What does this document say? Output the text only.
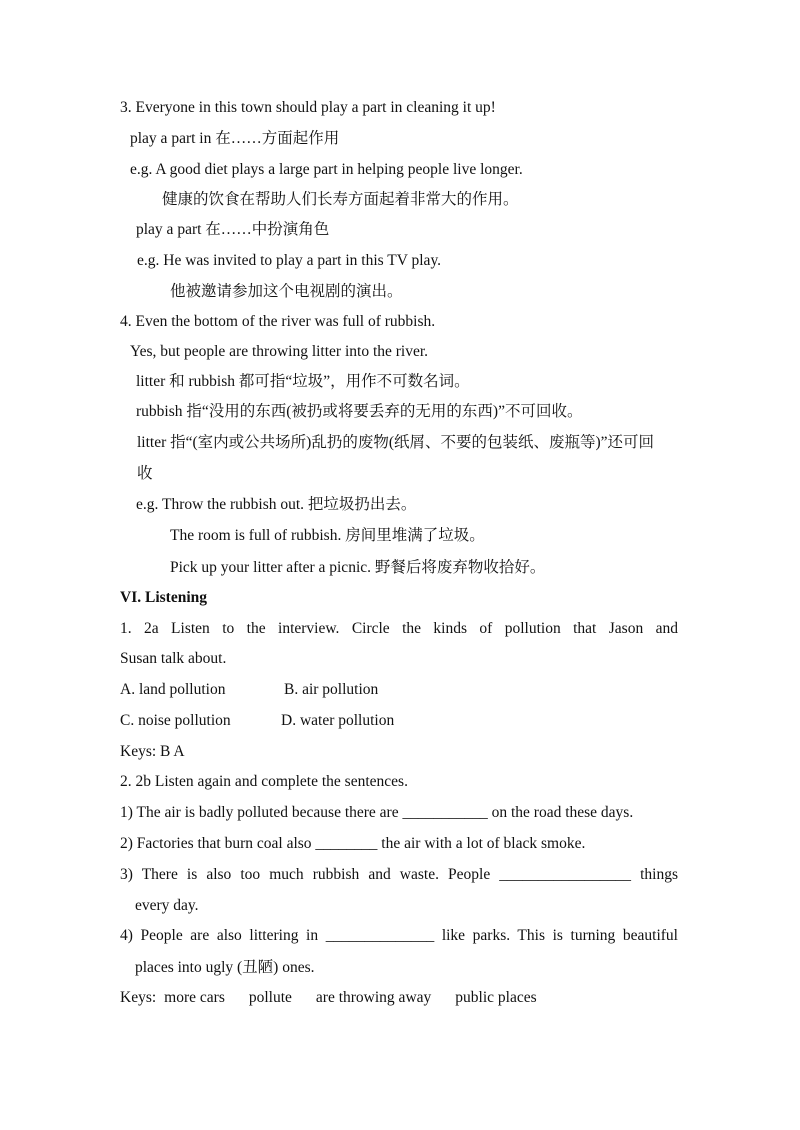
3. Everyone in this town should play a part in cleaning it up!
play a part in 在……方面起作用
e.g. A good diet plays a large part in helping people live longer.
健康的饮食在帮助人们长寿方面起着非常大的作用。
play a part 在……中扮演角色
e.g. He was invited to play a part in this TV play.
他被邀请参加这个电视剧的演出。
4. Even the bottom of the river was full of rubbish.
Yes, but people are throwing litter into the river.
litter 和 rubbish 都可指“垃圾”，用作不可数名词。
rubbish 指“没用的东西(被扔或将要丢弃的无用的东西)”不可回收。
litter 指“(室内或公共场所)乱扔的废物(纸屑、不要的包装纸、废瓶等)”还可回
收
e.g. Throw the rubbish out. 把垃圾扔出去。
The room is full of rubbish. 房间里堆满了垃圾。
Pick up your litter after a picnic. 野餐后将废弃物收拾好。
VI. Listening
1. 2a Listen to the interview. Circle the kinds of pollution that Jason and
Susan talk about.
A. land pollution	B. air pollution
C. noise pollution	D. water pollution
Keys: B A
2. 2b Listen again and complete the sentences.
1) The air is badly polluted because there are ___________ on the road these days.
2) Factories that burn coal also ________ the air with a lot of black smoke.
3) There is also too much rubbish and waste. People _________________ things
every day.
4) People are also littering in ______________ like parks. This is turning beautiful
places into ugly (丑陋) ones.
Keys: more cars pollute are throwing away public places
